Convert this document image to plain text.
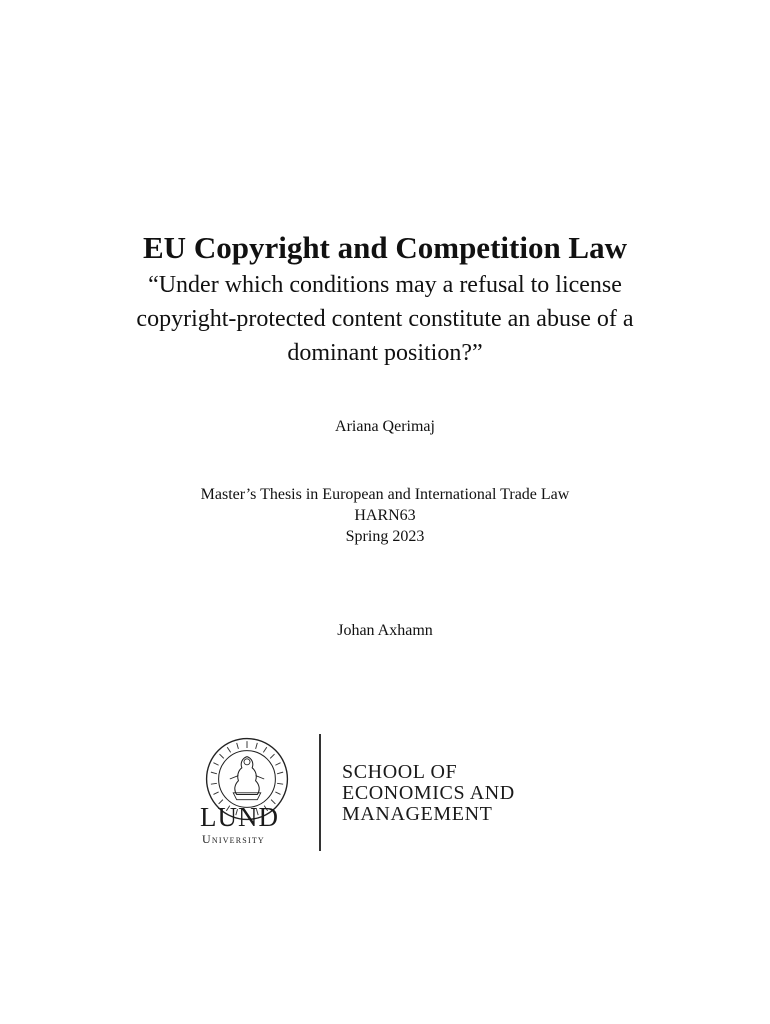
EU Copyright and Competition Law

“Under which conditions may a refusal to license copyright-protected content constitute an abuse of a dominant position?”

Ariana Qerimaj
Master’s Thesis in European and International Trade Law
HARN63
Spring 2023
Johan Axhamn
LUND
University
SCHOOL OF
ECONOMICS AND
MANAGEMENT
